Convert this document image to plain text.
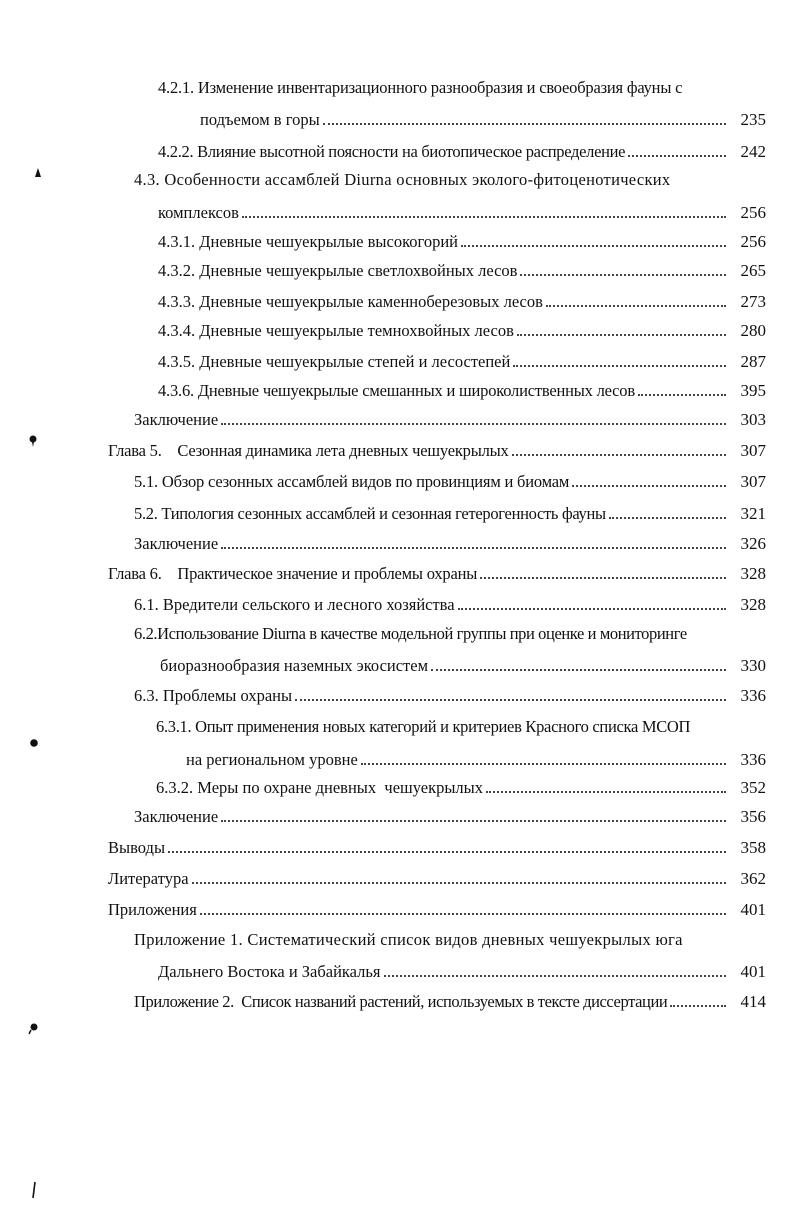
4.2.1. Изменение инвентаризационного разнообразия и своеобразия фауны с
подъемом в горы	235
4.2.2. Влияние высотной поясности на биотопическое распределение	242
4.3. Особенности ассамблей Diurna основных эколого-фитоценотических
комплексов	256
4.3.1. Дневные чешуекрылые высокогорий	256
4.3.2. Дневные чешуекрылые светлохвойных лесов	265
4.3.3. Дневные чешуекрылые каменноберезовых лесов	273
4.3.4. Дневные чешуекрылые темнохвойных лесов	280
4.3.5. Дневные чешуекрылые степей и лесостепей	287
4.3.6. Дневные чешуекрылые смешанных и широколиственных лесов	395
Заключение	303
Глава 5.    Сезонная динамика лета дневных чешуекрылых	307
5.1. Обзор сезонных ассамблей видов по провинциям и биомам	307
5.2. Типология сезонных ассамблей и сезонная гетерогенность фауны	321
Заключение	326
Глава 6.    Практическое значение и проблемы охраны	328
6.1. Вредители сельского и лесного хозяйства	328
6.2.Использование Diurna в качестве модельной группы при оценке и мониторинге
биоразнообразия наземных экосистем	330
6.3. Проблемы охраны	336
6.3.1. Опыт применения новых категорий и критериев Красного списка МСОП
на региональном уровне	336
6.3.2. Меры по охране дневных  чешуекрылых	352
Заключение	356
Выводы	358
Литература	362
Приложения	401
Приложение 1. Систематический список видов дневных чешуекрылых юга
Дальнего Востока и Забайкалья	401
Приложение 2.  Список названий растений, используемых в тексте диссертации	414
